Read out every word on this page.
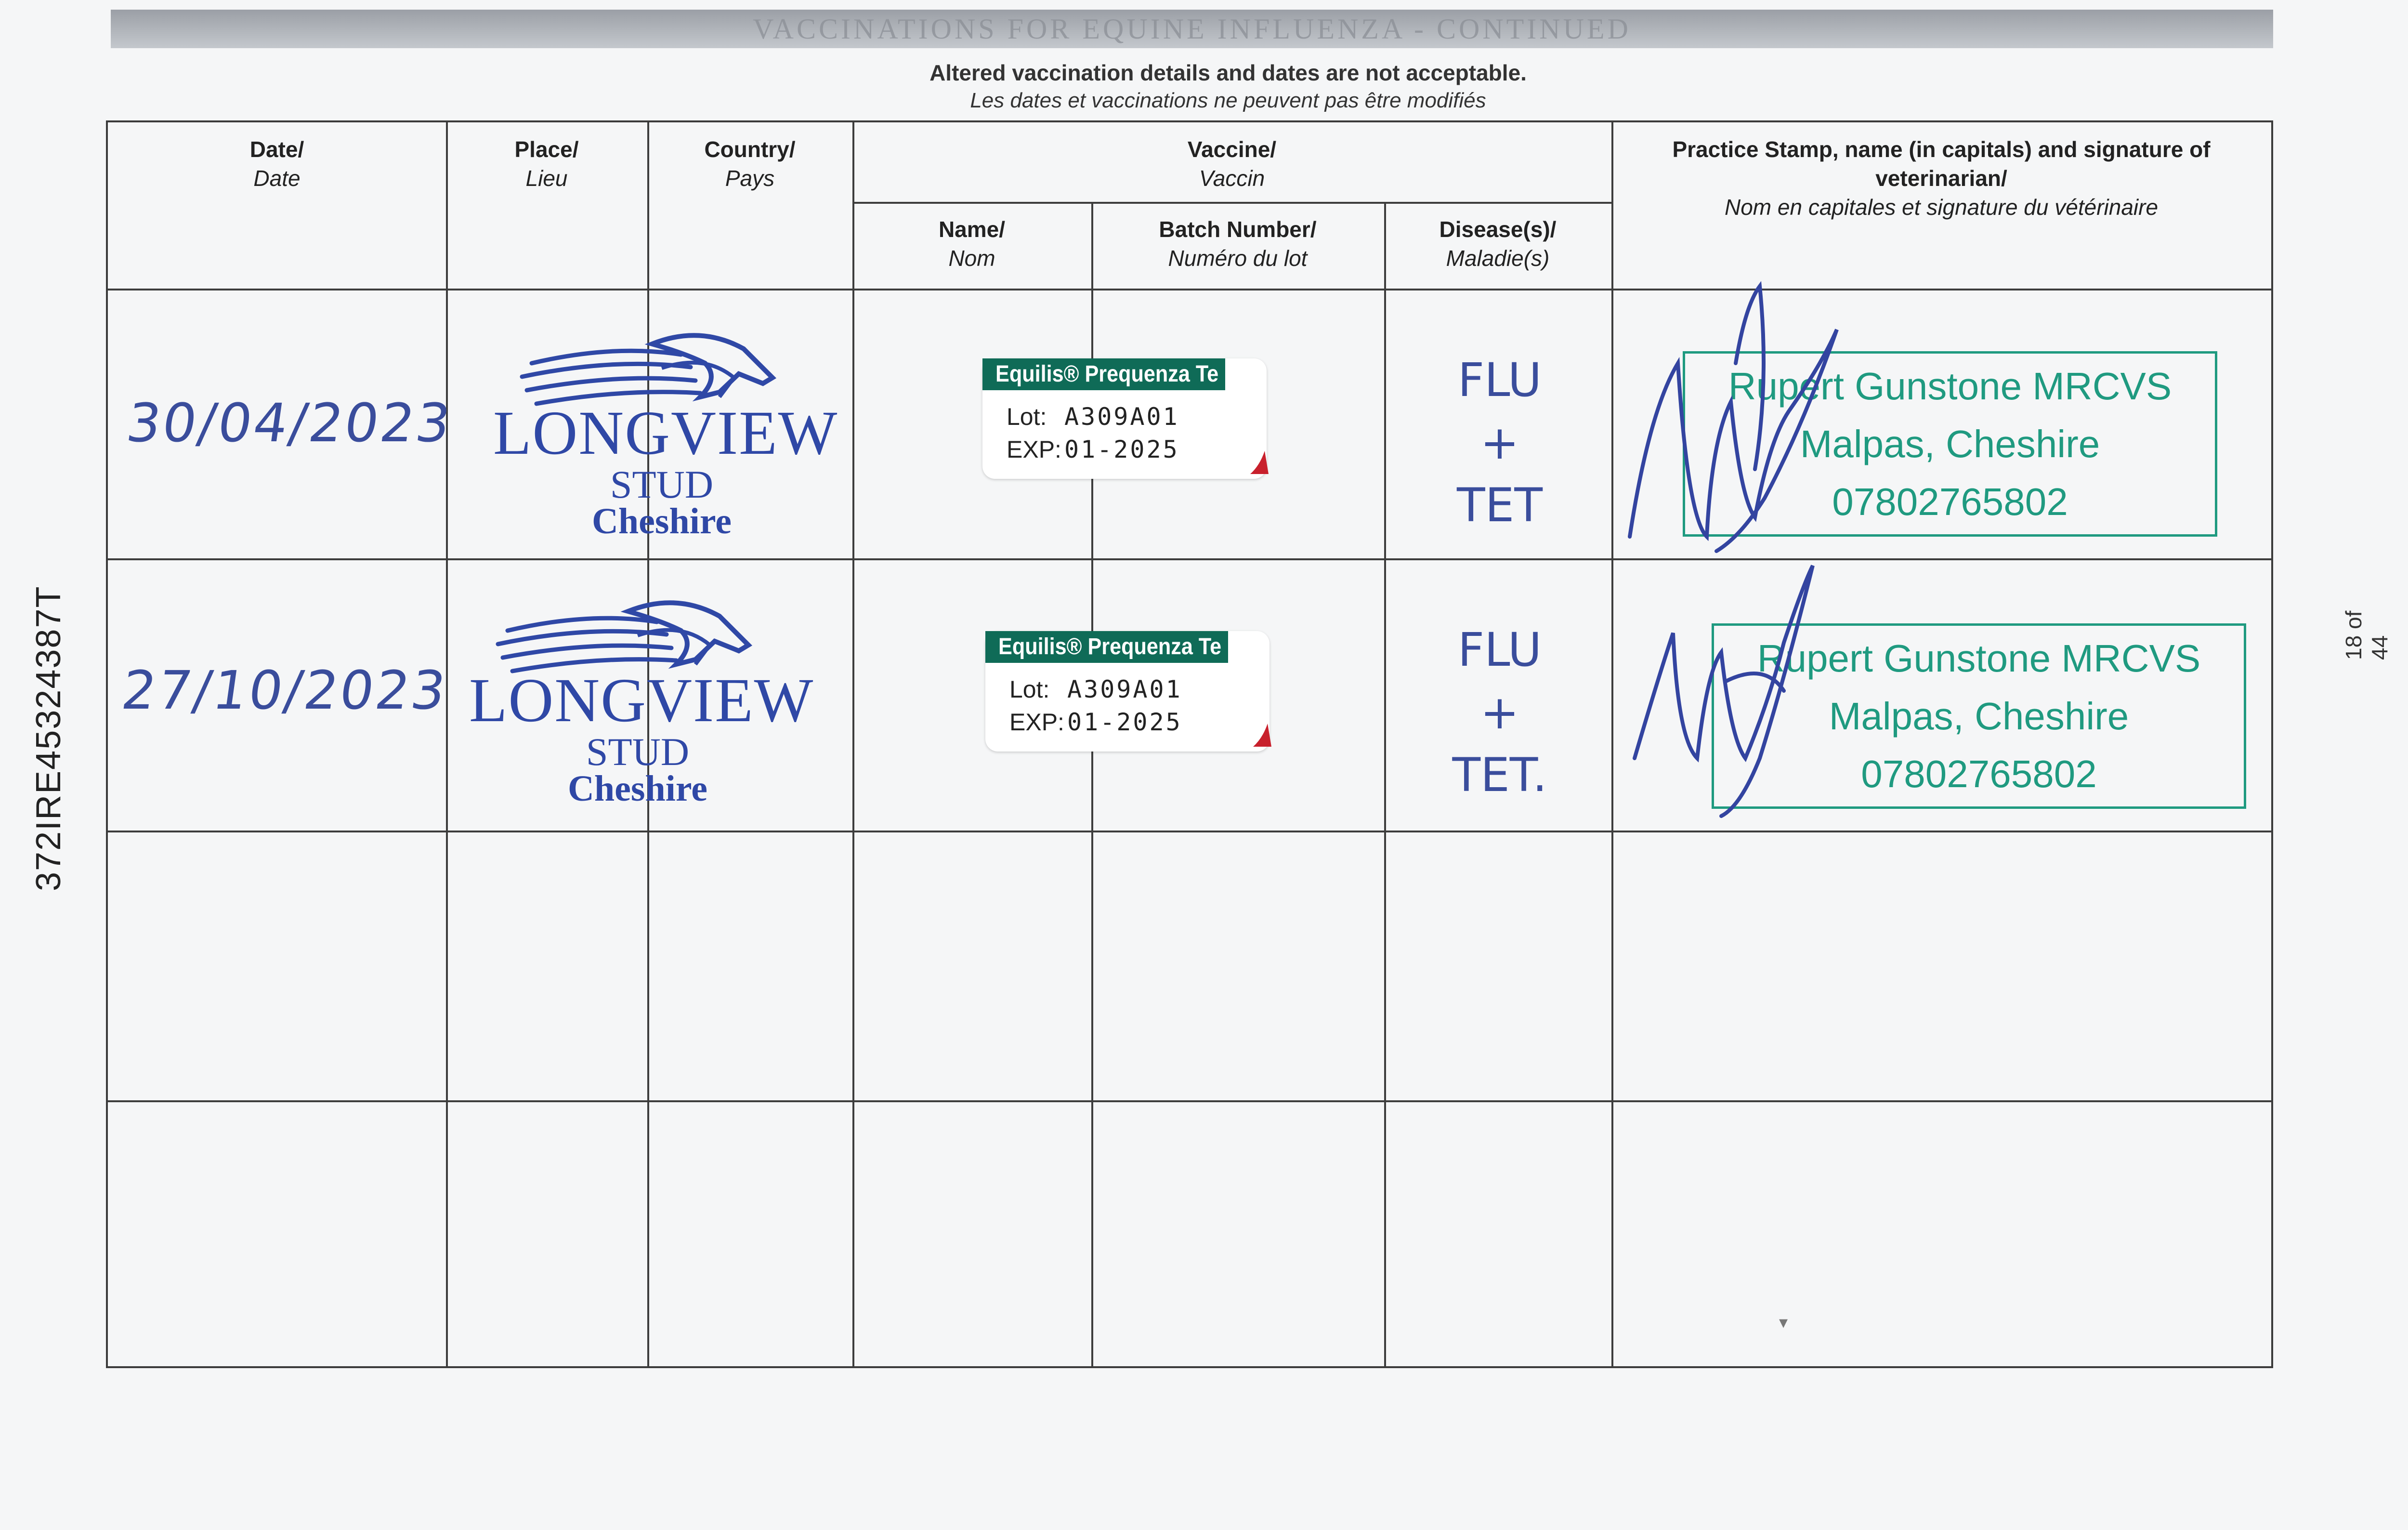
VACCINATIONS FOR EQUINE INFLUENZA - CONTINUED
Altered vaccination details and dates are not acceptable.
Les dates et vaccinations ne peuvent pas être modifiés
Date/
Date
Place/
Lieu
Country/
Pays
Vaccine/
Vaccin
Name/
Nom
Batch Number/
Numéro du lot
Disease(s)/
Maladie(s)
Practice Stamp, name (in capitals) and signature of
veterinarian/
Nom en capitales et signature du vétérinaire
30/04/2023 LONGVIEW
STUD
Cheshire
Equilis® Prequenza Te
Lot: A309A01
EXP: 01-2025
FLU
+
TET
Rupert Gunstone MRCVS
Malpas, Cheshire
07802765802
27/10/2023 LONGVIEW
STUD
Cheshire
Equilis® Prequenza Te
Lot: A309A01
EXP: 01-2025
FLU
+
TET.
Rupert Gunstone MRCVS
Malpas, Cheshire
07802765802
▾
372IRE45324387T	18 of 44
